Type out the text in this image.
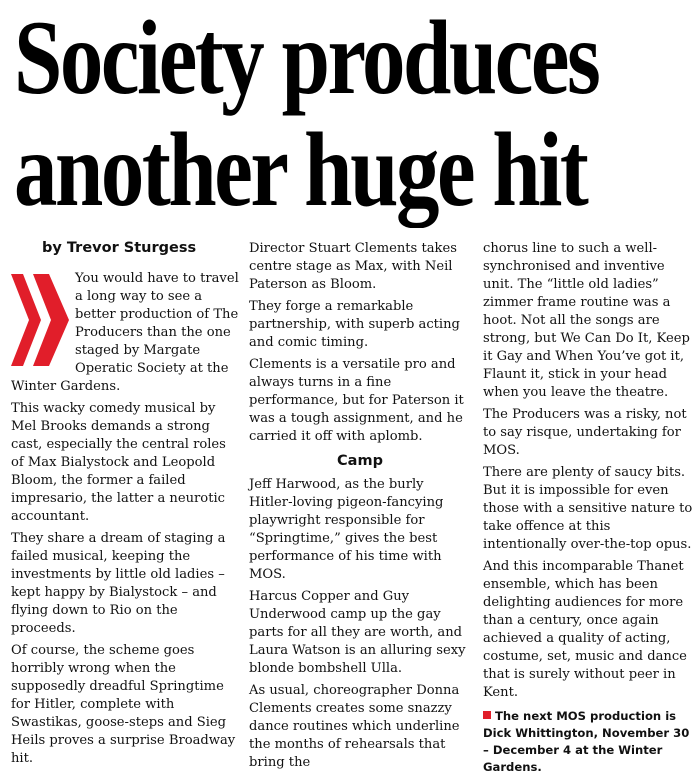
Society produces
another huge hit
by Trevor Sturgess

You would have to travel a long way to see a better production of The Producers than the one staged by Margate Operatic Society at the Winter Gardens.

This wacky comedy musical by Mel Brooks demands a strong cast, especially the central roles of Max Bialystock and Leopold Bloom, the former a failed impresario, the latter a neurotic accountant.

They share a dream of staging a failed musical, keeping the investments by little old ladies – kept happy by Bialystock – and flying down to Rio on the proceeds.

Of course, the scheme goes horribly wrong when the supposedly dreadful Springtime for Hitler, complete with Swastikas, goose-steps and Sieg Heils proves a surprise Broadway hit.

Director Stuart Clements takes centre stage as Max, with Neil Paterson as Bloom.

They forge a remarkable partnership, with superb acting and comic timing.

Clements is a versatile pro and always turns in a fine performance, but for Paterson it was a tough assignment, and he carried it off with aplomb.

Camp

Jeff Harwood, as the burly Hitler-loving pigeon-fancying playwright responsible for “Springtime,” gives the best performance of his time with MOS.

Harcus Copper and Guy Underwood camp up the gay parts for all they are worth, and Laura Watson is an alluring sexy blonde bombshell Ulla.

As usual, choreographer Donna Clements creates some snazzy dance routines which underline the months of rehearsals that bring the

chorus line to such a well-synchronised and inventive unit. The “little old ladies” zimmer frame routine was a hoot. Not all the songs are strong, but We Can Do It, Keep it Gay and When You’ve got it, Flaunt it, stick in your head when you leave the theatre.

The Producers was a risky, not to say risque, undertaking for MOS.

There are plenty of saucy bits. But it is impossible for even those with a sensitive nature to take offence at this intentionally over-the-top opus.

And this incomparable Thanet ensemble, which has been delighting audiences for more than a century, once again achieved a quality of acting, costume, set, music and dance that is surely without peer in Kent.

The next MOS production is Dick Whittington, November 30 – December 4 at the Winter Gardens.
